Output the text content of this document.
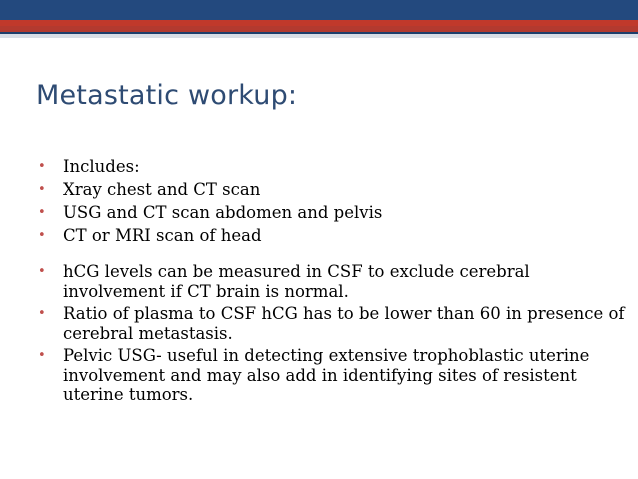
Metastatic workup:
• Includes:
• Xray chest and CT scan
• USG and CT scan abdomen and pelvis
• CT or MRI scan of head
• hCG levels can be measured in CSF to exclude cerebral involvement if CT brain is normal.
• Ratio of plasma to CSF hCG has to be lower than 60 in presence of cerebral metastasis.
• Pelvic USG- useful in detecting extensive trophoblastic uterine involvement and may also add in identifying sites of resistent uterine tumors.
